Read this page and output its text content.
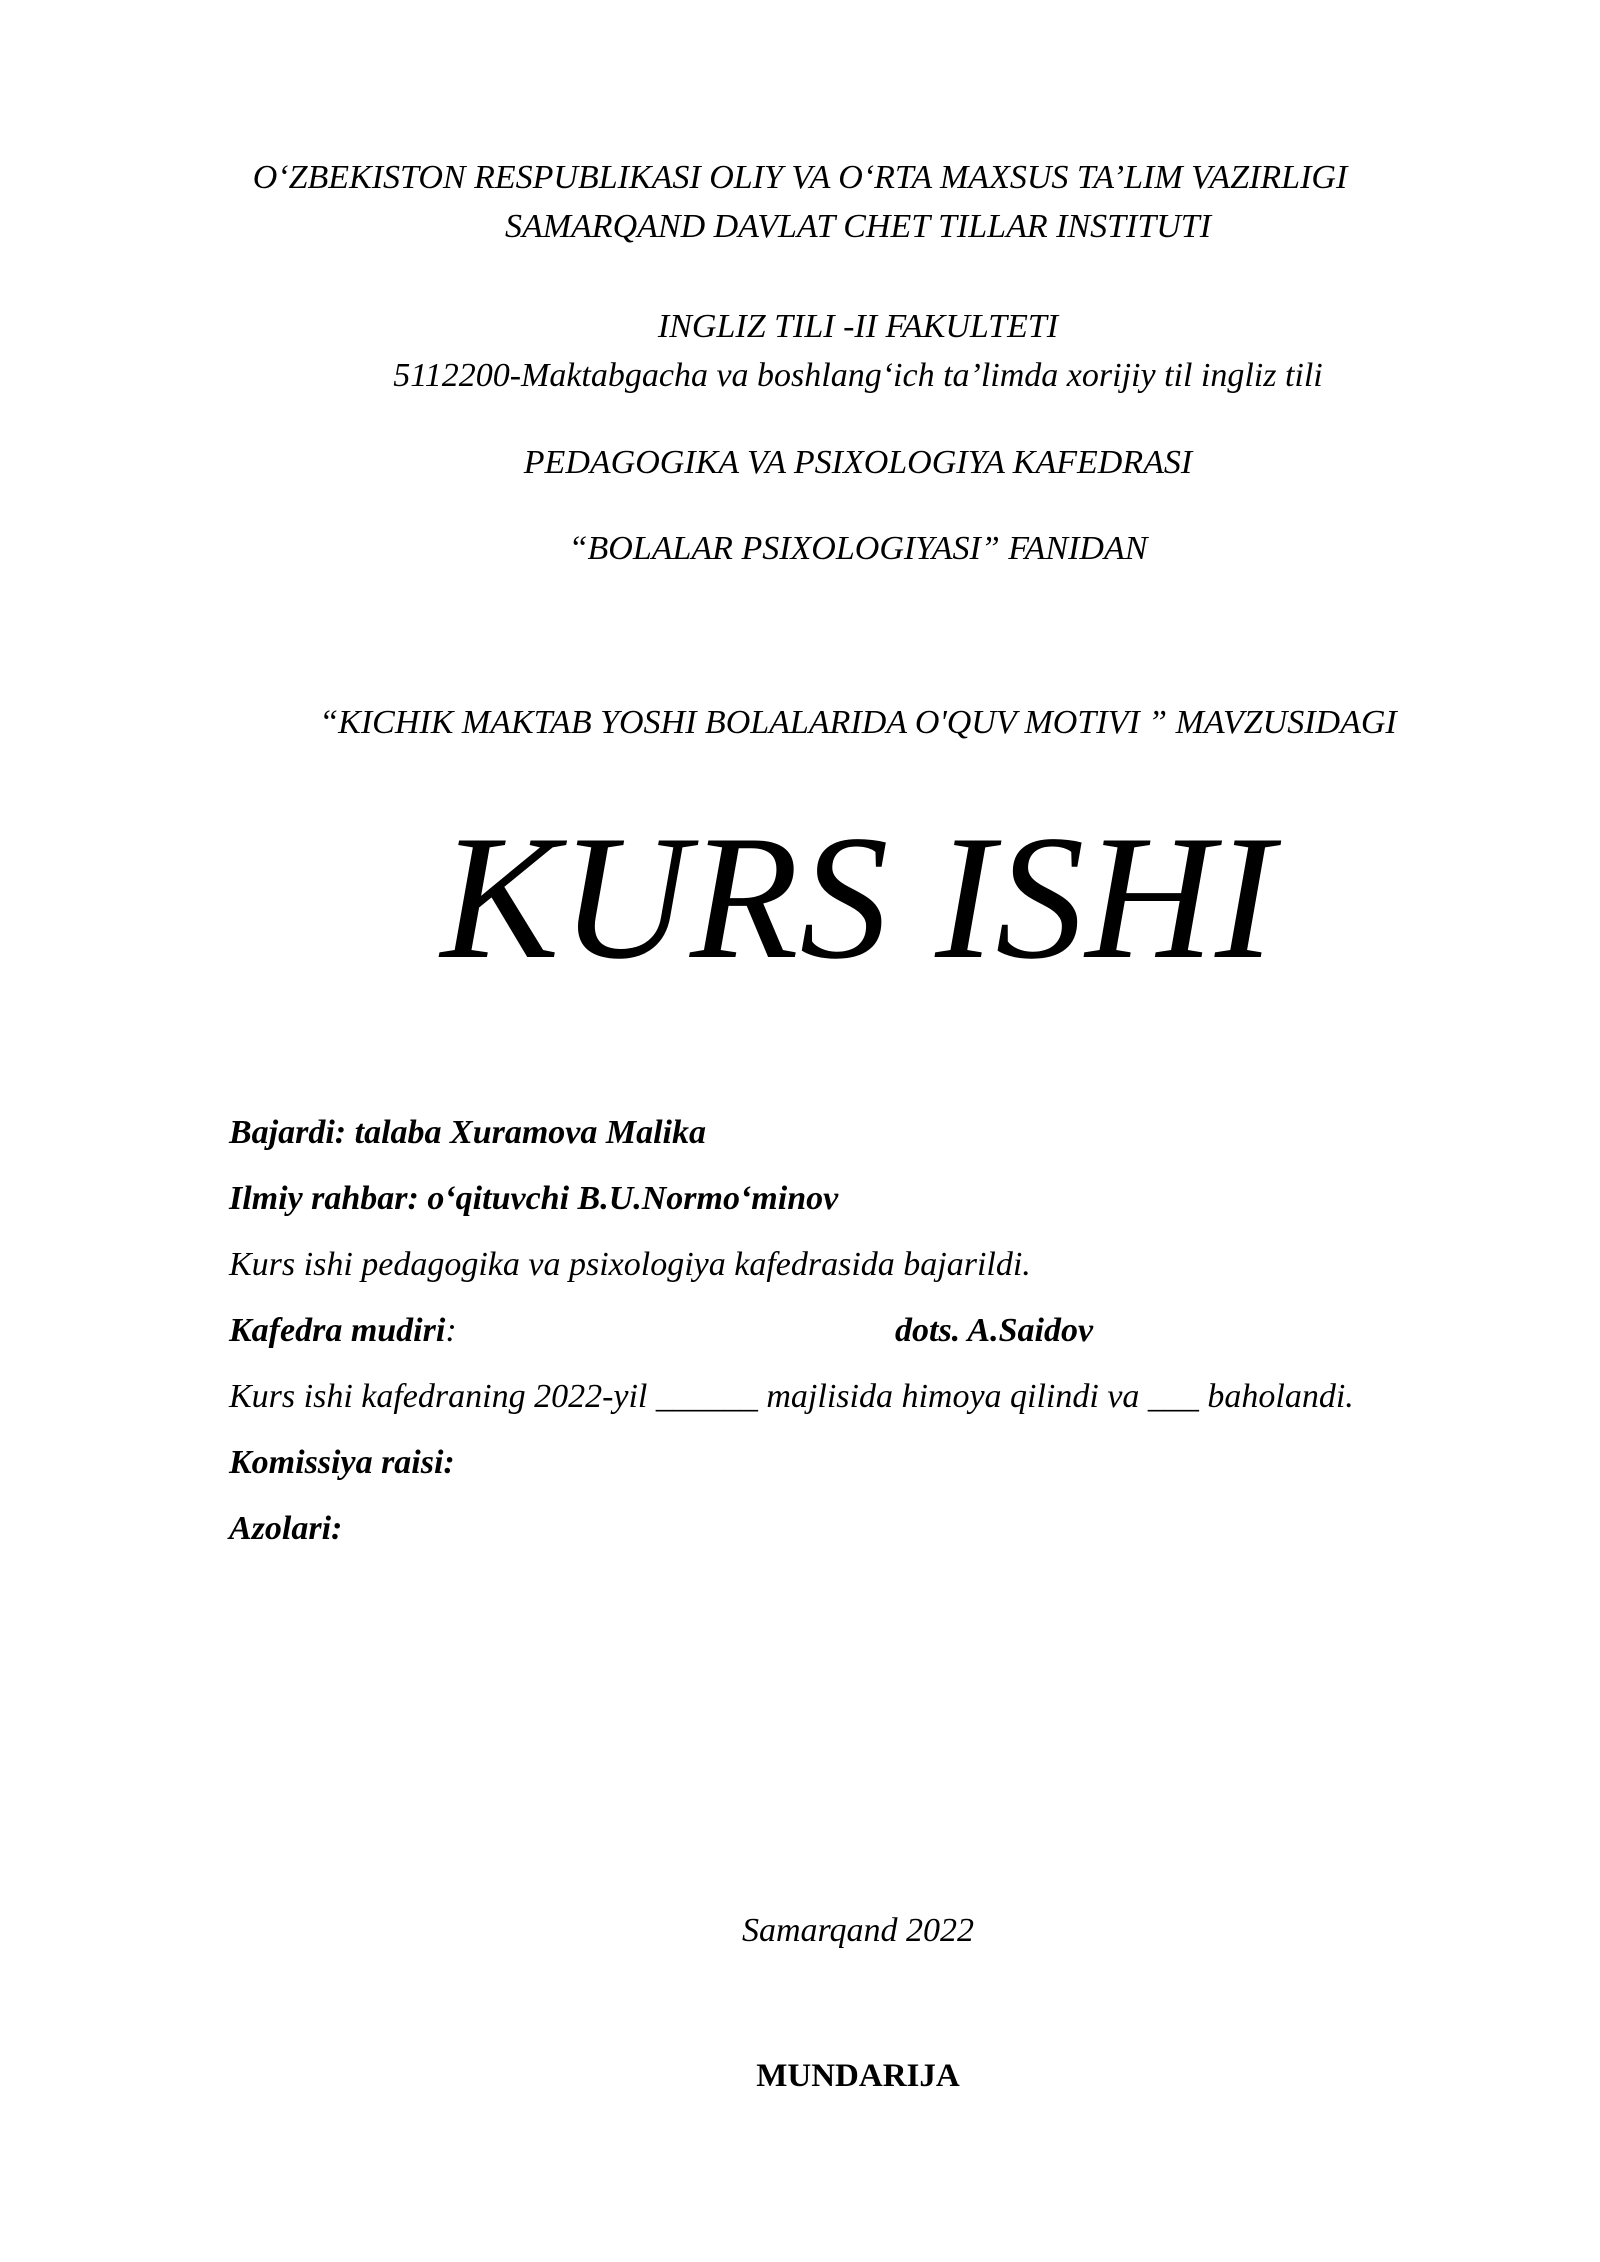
O‘ZBEKISTON RESPUBLIKASI OLIY VA O‘RTA MAXSUS TA’LIM VAZIRLIGI
SAMARQAND DAVLAT CHET TILLAR INSTITUTI
INGLIZ TILI -II FAKULTETI
5112200-Maktabgacha va boshlang‘ich ta’limda xorijiy til ingliz tili
PEDAGOGIKA VA PSIXOLOGIYA KAFEDRASI
“BOLALAR PSIXOLOGIYASI” FANIDAN
“KICHIK MAKTAB YOSHI BOLALARIDA O'QUV MOTIVI ” MAVZUSIDAGI
KURS ISHI
Bajardi: talaba Xuramova Malika
Ilmiy rahbar: o‘qituvchi B.U.Normo‘minov
Kurs ishi pedagogika va psixologiya kafedrasida bajarildi.
Kafedra mudiri:	dots. A.Saidov
Kurs ishi kafedraning 2022-yil ______ majlisida himoya qilindi va ___ baholandi.
Komissiya raisi:
Azolari:
Samarqand 2022
MUNDARIJA
